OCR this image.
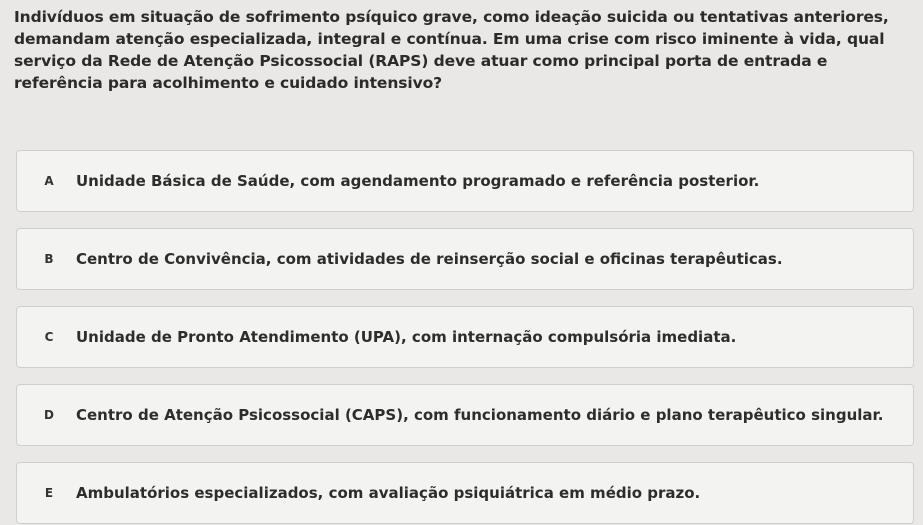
Indivíduos em situação de sofrimento psíquico grave, como ideação suicida ou tentativas anteriores, demandam atenção especializada, integral e contínua. Em uma crise com risco iminente à vida, qual serviço da Rede de Atenção Psicossocial (RAPS) deve atuar como principal porta de entrada e referência para acolhimento e cuidado intensivo?
A	Unidade Básica de Saúde, com agendamento programado e referência posterior.
B	Centro de Convivência, com atividades de reinserção social e oficinas terapêuticas.
C	Unidade de Pronto Atendimento (UPA), com internação compulsória imediata.
D	Centro de Atenção Psicossocial (CAPS), com funcionamento diário e plano terapêutico singular.
E	Ambulatórios especializados, com avaliação psiquiátrica em médio prazo.
